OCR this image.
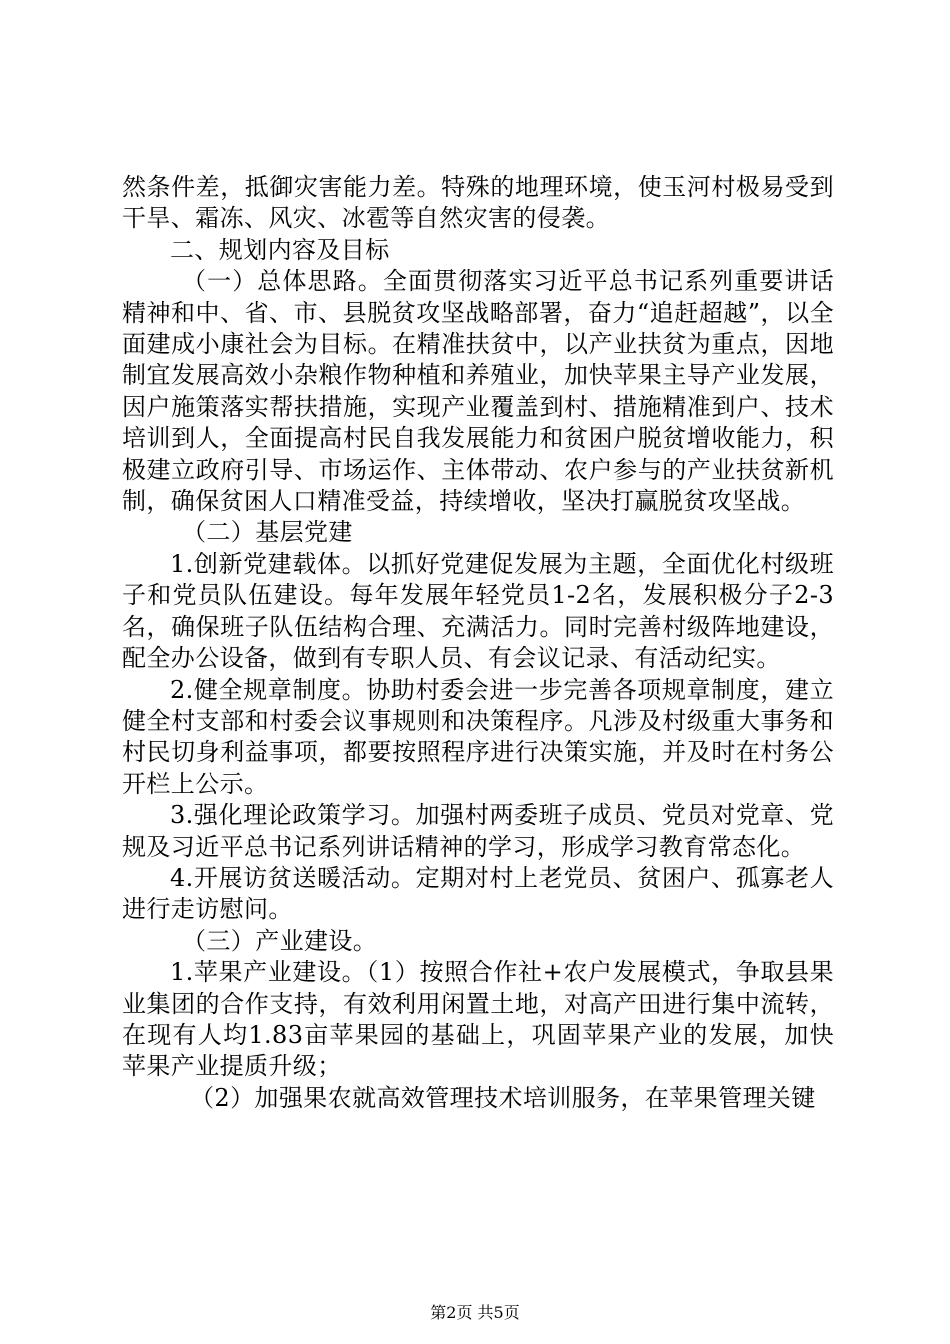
然条件差，抵御灾害能力差。特殊的地理环境，使玉河村极易受到干旱、霜冻、风灾、冰雹等自然灾害的侵袭。

二、规划内容及目标

（一）总体思路。全面贯彻落实习近平总书记系列重要讲话精神和中、省、市、县脱贫攻坚战略部署，奋力“追赶超越”，以全面建成小康社会为目标。在精准扶贫中，以产业扶贫为重点，因地制宜发展高效小杂粮作物种植和养殖业，加快苹果主导产业发展，因户施策落实帮扶措施，实现产业覆盖到村、措施精准到户、技术培训到人，全面提高村民自我发展能力和贫困户脱贫增收能力，积极建立政府引导、市场运作、主体带动、农户参与的产业扶贫新机制，确保贫困人口精准受益，持续增收，坚决打赢脱贫攻坚战。

（二）基层党建

1.创新党建载体。以抓好党建促发展为主题，全面优化村级班子和党员队伍建设。每年发展年轻党员1-2名，发展积极分子2-3名，确保班子队伍结构合理、充满活力。同时完善村级阵地建设，配全办公设备，做到有专职人员、有会议记录、有活动纪实。

2.健全规章制度。协助村委会进一步完善各项规章制度，建立健全村支部和村委会议事规则和决策程序。凡涉及村级重大事务和村民切身利益事项，都要按照程序进行决策实施，并及时在村务公开栏上公示。

3.强化理论政策学习。加强村两委班子成员、党员对党章、党规及习近平总书记系列讲话精神的学习，形成学习教育常态化。

4.开展访贫送暖活动。定期对村上老党员、贫困户、孤寡老人进行走访慰问。

（三）产业建设。

1.苹果产业建设。（1）按照合作社+农户发展模式，争取县果业集团的合作支持，有效利用闲置土地，对高产田进行集中流转，在现有人均1.83亩苹果园的基础上，巩固苹果产业的发展，加快苹果产业提质升级；

（2）加强果农就高效管理技术培训服务，在苹果管理关键

第2页 共5页
